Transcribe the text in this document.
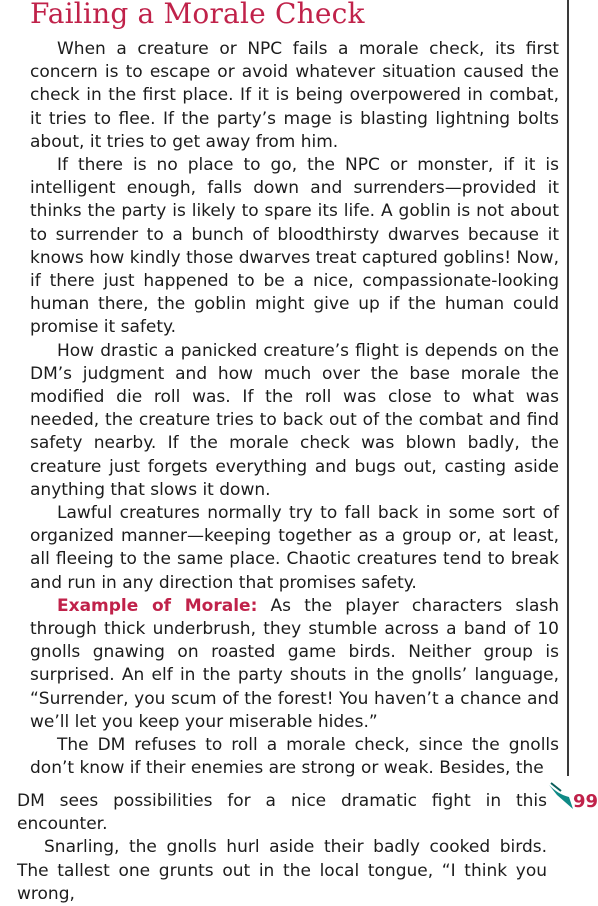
Failing a Morale Check

When a creature or NPC fails a morale check, its first concern is to escape or avoid whatever situation caused the check in the first place. If it is being overpowered in combat, it tries to flee. If the party’s mage is blasting lightning bolts about, it tries to get away from him.

If there is no place to go, the NPC or monster, if it is intelligent enough, falls down and surrenders—provided it thinks the party is likely to spare its life. A goblin is not about to surrender to a bunch of bloodthirsty dwarves because it knows how kindly those dwarves treat captured goblins! Now, if there just happened to be a nice, compassionate-looking human there, the goblin might give up if the human could promise it safety.

How drastic a panicked creature’s flight is depends on the DM’s judgment and how much over the base morale the modified die roll was. If the roll was close to what was needed, the creature tries to back out of the combat and find safety nearby. If the morale check was blown badly, the creature just forgets everything and bugs out, casting aside anything that slows it down.

Lawful creatures normally try to fall back in some sort of organized manner—keeping together as a group or, at least, all fleeing to the same place. Chaotic creatures tend to break and run in any direction that promises safety.

Example of Morale: As the player characters slash through thick underbrush, they stumble across a band of 10 gnolls gnawing on roasted game birds. Neither group is surprised. An elf in the party shouts in the gnolls’ language, “Surrender, you scum of the forest! You haven’t a chance and we’ll let you keep your miserable hides.”

The DM refuses to roll a morale check, since the gnolls don’t know if their enemies are strong or weak. Besides, the

99

DM sees possibilities for a nice dramatic fight in this encounter.

Snarling, the gnolls hurl aside their badly cooked birds. The tallest one grunts out in the local tongue, “I think you wrong,
